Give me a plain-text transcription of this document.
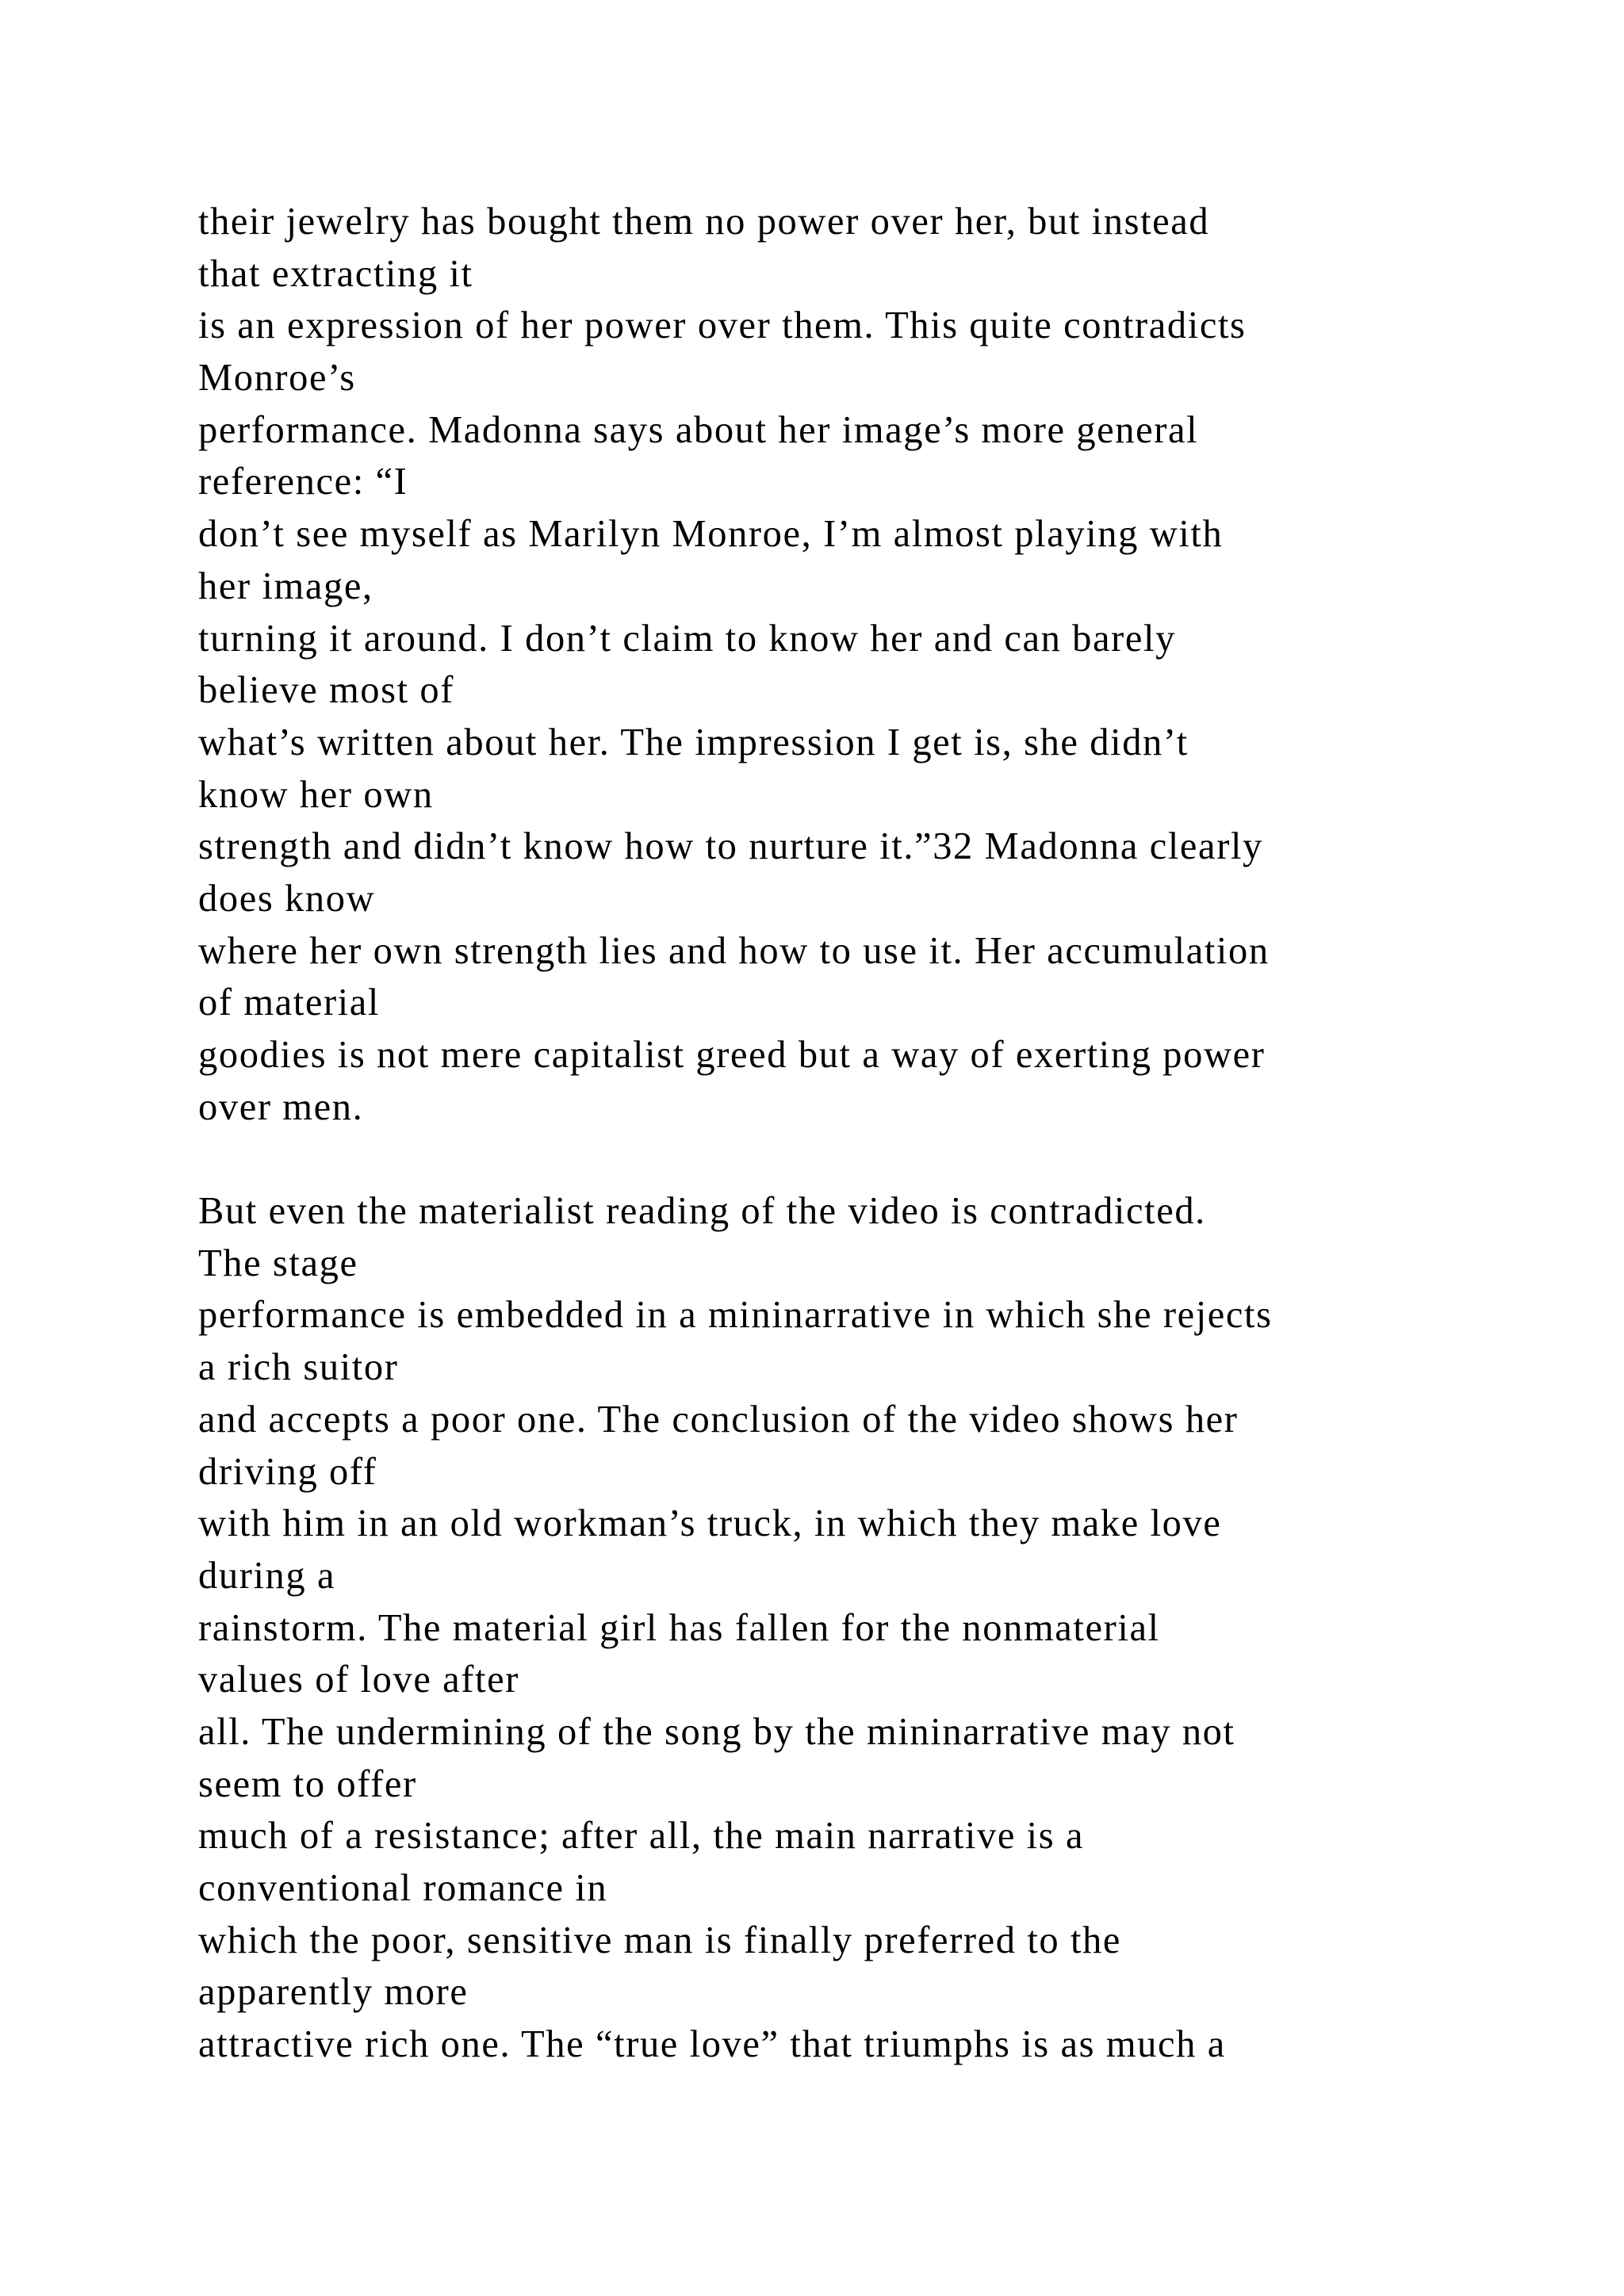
their jewelry has bought them no power over her, but instead
that extracting it
is an expression of her power over them. This quite contradicts
Monroe’s
performance. Madonna says about her image’s more general
reference: “I
don’t see myself as Marilyn Monroe, I’m almost playing with
her image,
turning it around. I don’t claim to know her and can barely
believe most of
what’s written about her. The impression I get is, she didn’t
know her own
strength and didn’t know how to nurture it.”32 Madonna clearly
does know
where her own strength lies and how to use it. Her accumulation
of material
goodies is not mere capitalist greed but a way of exerting power
over men.
But even the materialist reading of the video is contradicted.
The stage
performance is embedded in a mininarrative in which she rejects
a rich suitor
and accepts a poor one. The conclusion of the video shows her
driving off
with him in an old workman’s truck, in which they make love
during a
rainstorm. The material girl has fallen for the nonmaterial
values of love after
all. The undermining of the song by the mininarrative may not
seem to offer
much of a resistance; after all, the main narrative is a
conventional romance in
which the poor, sensitive man is finally preferred to the
apparently more
attractive rich one. The “true love” that triumphs is as much a
